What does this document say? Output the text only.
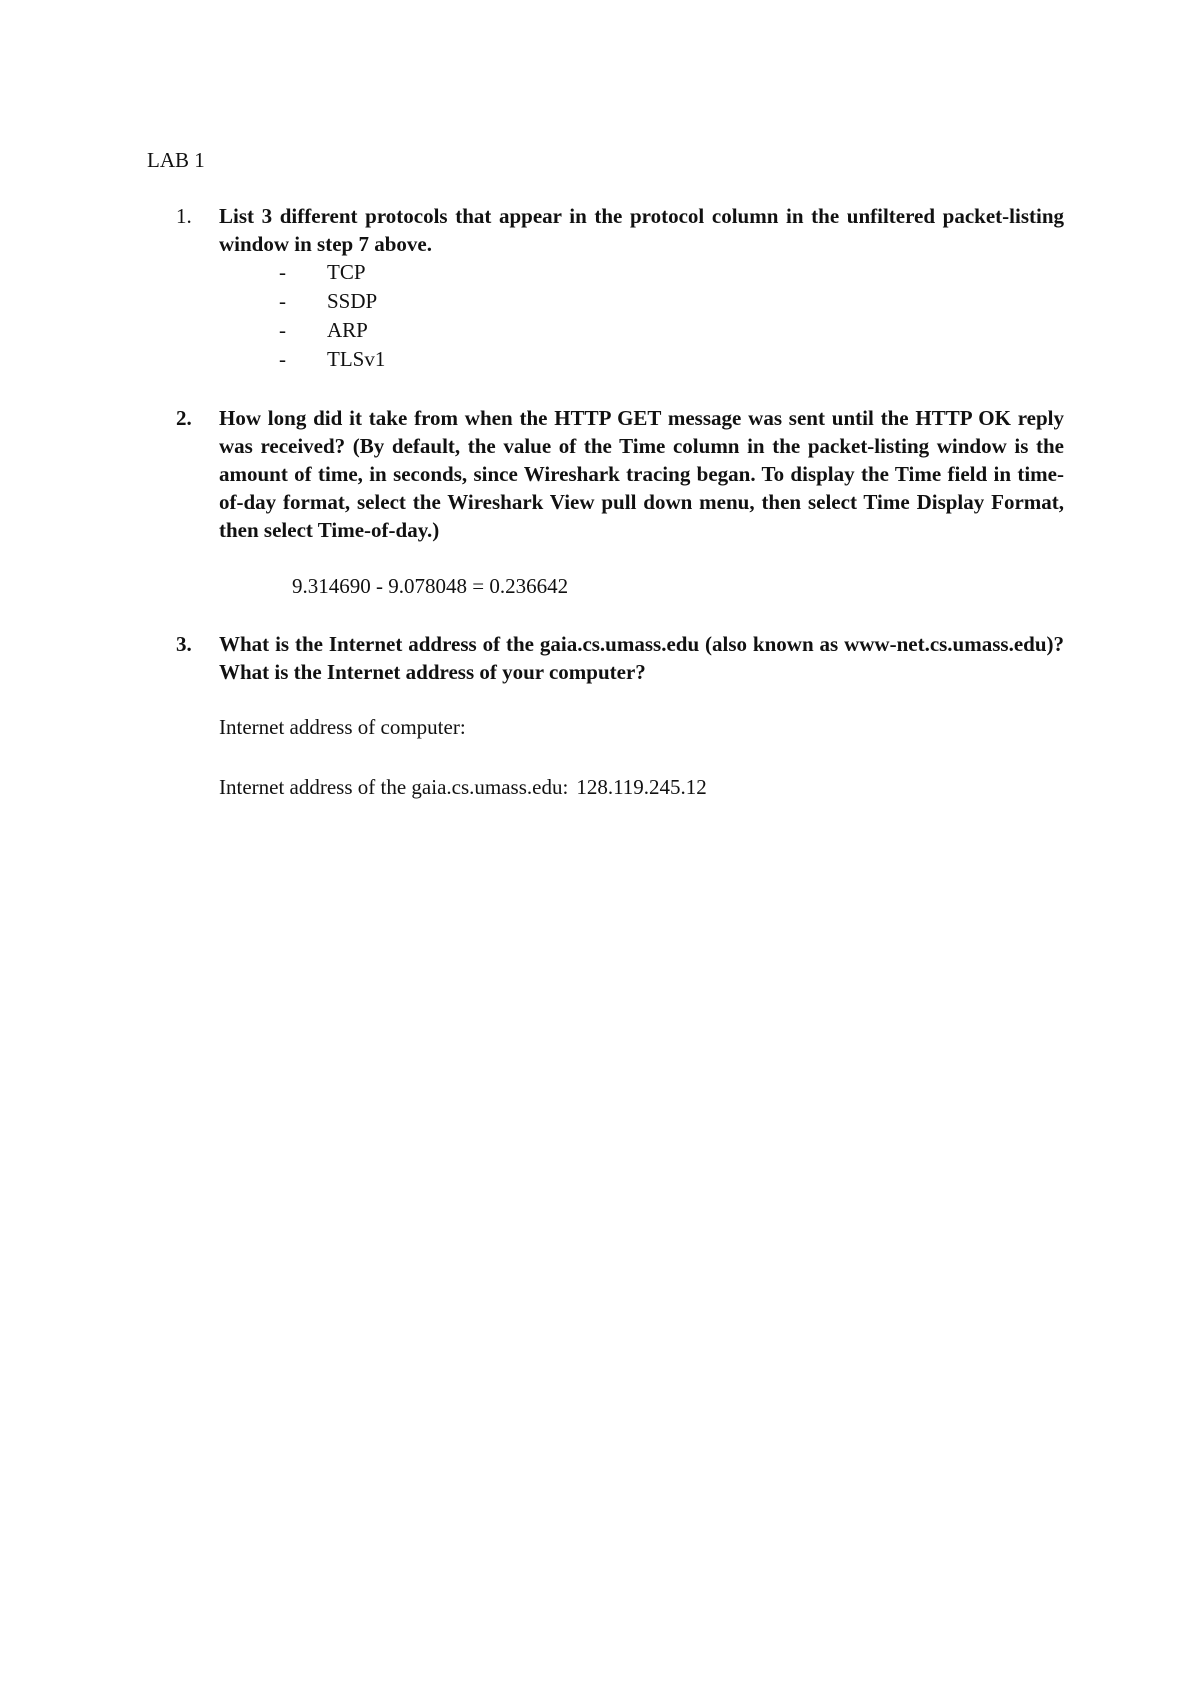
LAB 1
1. List 3 different protocols that appear in the protocol column in the unfiltered packet-listing window in step 7 above.
-	TCP
-	SSDP
-	ARP
-	TLSv1
2. How long did it take from when the HTTP GET message was sent until the HTTP OK reply was received? (By default, the value of the Time column in the packet-listing window is the amount of time, in seconds, since Wireshark tracing began. To display the Time field in time-of-day format, select the Wireshark View pull down menu, then select Time Display Format, then select Time-of-day.)
9.314690 - 9.078048 = 0.236642
3. What is the Internet address of the gaia.cs.umass.edu (also known as www-net.cs.umass.edu)? What is the Internet address of your computer?
Internet address of computer:
Internet address of the gaia.cs.umass.edu: 128.119.245.12
